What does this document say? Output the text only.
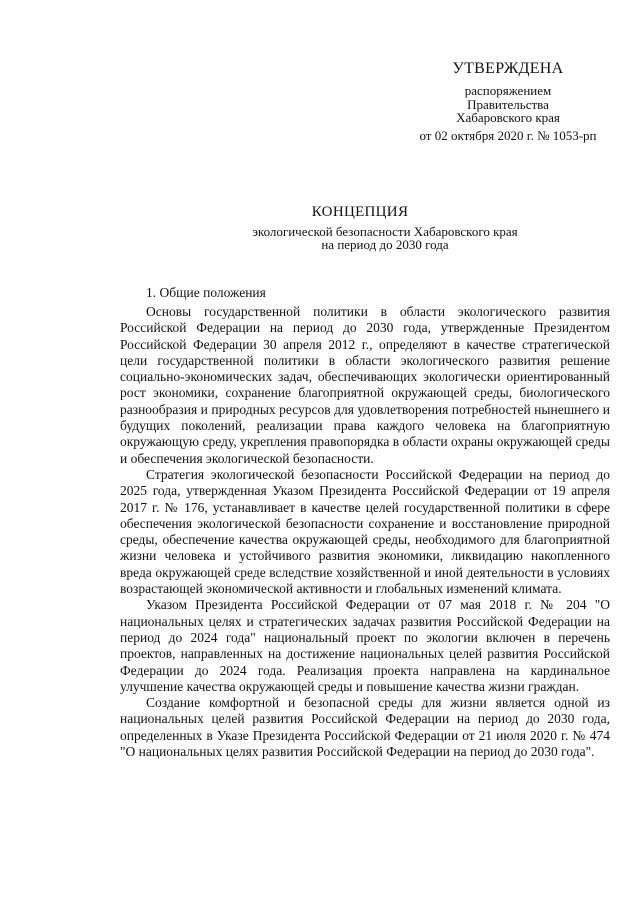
УТВЕРЖДЕНА
распоряжением
Правительства
Хабаровского края
от 02 октября 2020 г. № 1053-рп
КОНЦЕПЦИЯ
экологической безопасности Хабаровского края
на период до 2030 года
1. Общие положения

Основы государственной политики в области экологического развития Российской Федерации на период до 2030 года, утвержденные Президентом Российской Федерации 30 апреля 2012 г., определяют в качестве стратегической цели государственной политики в области экологического развития решение социально-экономических задач, обеспечивающих экологически ориентированный рост экономики, сохранение благоприятной окружающей среды, биологического разнообразия и природных ресурсов для удовлетворения потребностей нынешнего и будущих поколений, реализации права каждого человека на благоприятную окружающую среду, укрепления правопорядка в области охраны окружающей среды и обеспечения экологической безопасности.

Стратегия экологической безопасности Российской Федерации на период до 2025 года, утвержденная Указом Президента Российской Федерации от 19 апреля 2017 г. № 176, устанавливает в качестве целей государственной политики в сфере обеспечения экологической безопасности сохранение и восстановление природной среды, обеспечение качества окружающей среды, необходимого для благоприятной жизни человека и устойчивого развития экономики, ликвидацию накопленного вреда окружающей среде вследствие хозяйственной и иной деятельности в условиях возрастающей экономической активности и глобальных изменений климата.

Указом Президента Российской Федерации от 07 мая 2018 г. № 204 "О национальных целях и стратегических задачах развития Российской Федерации на период до 2024 года" национальный проект по экологии включен в перечень проектов, направленных на достижение национальных целей развития Российской Федерации до 2024 года. Реализация проекта направлена на кардинальное улучшение качества окружающей среды и повышение качества жизни граждан.

Создание комфортной и безопасной среды для жизни является одной из национальных целей развития Российской Федерации на период до 2030 года, определенных в Указе Президента Российской Федерации от 21 июля 2020 г. № 474 "О национальных целях развития Российской Федерации на период до 2030 года".
